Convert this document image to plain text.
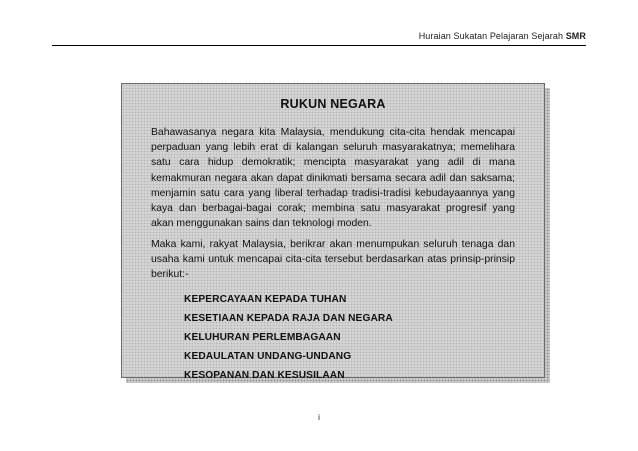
Huraian Sukatan Pelajaran Sejarah SMR
RUKUN NEGARA

Bahawasanya negara kita Malaysia, mendukung cita-cita hendak mencapai perpaduan yang lebih erat di kalangan seluruh masyarakatnya; memelihara satu cara hidup demokratik; mencipta masyarakat yang adil di mana kemakmuran negara akan dapat dinikmati bersama secara adil dan saksama; menjamin satu cara yang liberal terhadap tradisi-tradisi kebudayaannya yang kaya dan berbagai-bagai corak; membina satu masyarakat progresif yang akan menggunakan sains dan teknologi moden.

Maka kami, rakyat Malaysia, berikrar akan menumpukan seluruh tenaga dan usaha kami untuk mencapai cita-cita tersebut berdasarkan atas prinsip-prinsip berikut:-

KEPERCAYAAN KEPADA TUHAN
KESETIAAN KEPADA RAJA DAN NEGARA
KELUHURAN PERLEMBAGAAN
KEDAULATAN UNDANG-UNDANG
KESOPANAN DAN KESUSILAAN
i
